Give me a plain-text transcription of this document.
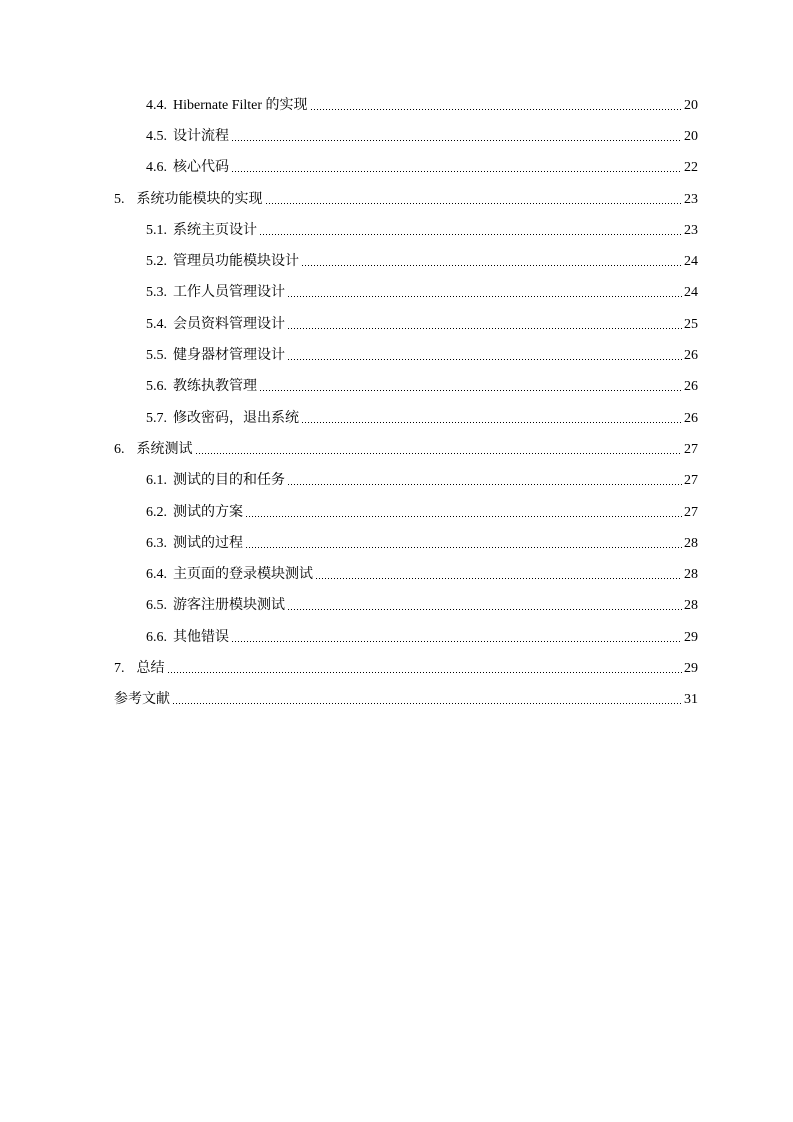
4.4. Hibernate Filter 的实现	20
4.5. 设计流程	20
4.6. 核心代码	22
5. 系统功能模块的实现	23
5.1. 系统主页设计	23
5.2. 管理员功能模块设计	24
5.3. 工作人员管理设计	24
5.4. 会员资料管理设计	25
5.5. 健身器材管理设计	26
5.6. 教练执教管理	26
5.7. 修改密码，退出系统	26
6. 系统测试	27
6.1. 测试的目的和任务	27
6.2. 测试的方案	27
6.3. 测试的过程	28
6.4. 主页面的登录模块测试	28
6.5. 游客注册模块测试	28
6.6. 其他错误	29
7. 总结	29
参考文献	31
